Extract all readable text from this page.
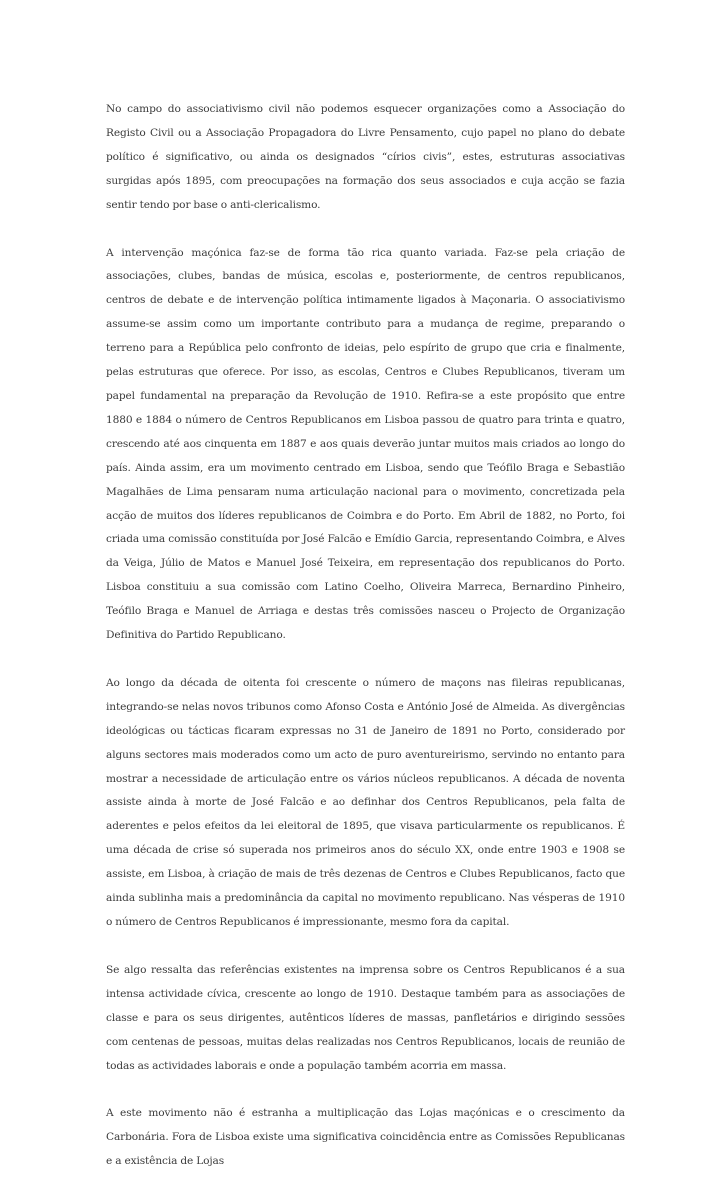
No campo do associativismo civil não podemos esquecer organizações como a Associação do Registo Civil ou a Associação Propagadora do Livre Pensamento, cujo papel no plano do debate político é significativo, ou ainda os designados “círios civis”, estes, estruturas associativas surgidas após 1895, com preocupações na formação dos seus associados e cuja acção se fazia sentir tendo por base o anti-clericalismo.

A intervenção maçónica faz-se de forma tão rica quanto variada. Faz-se pela criação de associações, clubes, bandas de música, escolas e, posteriormente, de centros republicanos, centros de debate e de intervenção política intimamente ligados à Maçonaria. O associativismo assume-se assim como um importante contributo para a mudança de regime, preparando o terreno para a República pelo confronto de ideias, pelo espírito de grupo que cria e finalmente, pelas estruturas que oferece. Por isso, as escolas, Centros e Clubes Republicanos, tiveram um papel fundamental na preparação da Revolução de 1910. Refira-se a este propósito que entre 1880 e 1884 o número de Centros Republicanos em Lisboa passou de quatro para trinta e quatro, crescendo até aos cinquenta em 1887 e aos quais deverão juntar muitos mais criados ao longo do país. Ainda assim, era um movimento centrado em Lisboa, sendo que Teófilo Braga e Sebastião Magalhães de Lima pensaram numa articulação nacional para o movimento, concretizada pela acção de muitos dos líderes republicanos de Coimbra e do Porto. Em Abril de 1882, no Porto, foi criada uma comissão constituída por José Falcão e Emídio Garcia, representando Coimbra, e Alves da Veiga, Júlio de Matos e Manuel José Teixeira, em representação dos republicanos do Porto. Lisboa constituiu a sua comissão com Latino Coelho, Oliveira Marreca, Bernardino Pinheiro, Teófilo Braga e Manuel de Arriaga e destas três comissões nasceu o Projecto de Organização Definitiva do Partido Republicano.

Ao longo da década de oitenta foi crescente o número de maçons nas fileiras republicanas, integrando-se nelas novos tribunos como Afonso Costa e António José de Almeida. As divergências ideológicas ou tácticas ficaram expressas no 31 de Janeiro de 1891 no Porto, considerado por alguns sectores mais moderados como um acto de puro aventureirismo, servindo no entanto para mostrar a necessidade de articulação entre os vários núcleos republicanos. A década de noventa assiste ainda à morte de José Falcão e ao definhar dos Centros Republicanos, pela falta de aderentes e pelos efeitos da lei eleitoral de 1895, que visava particularmente os republicanos. É uma década de crise só superada nos primeiros anos do século XX, onde entre 1903 e 1908 se assiste, em Lisboa, à criação de mais de três dezenas de Centros e Clubes Republicanos, facto que ainda sublinha mais a predominância da capital no movimento republicano. Nas vésperas de 1910 o número de Centros Republicanos é impressionante, mesmo fora da capital.

Se algo ressalta das referências existentes na imprensa sobre os Centros Republicanos é a sua intensa actividade cívica, crescente ao longo de 1910. Destaque também para as associações de classe e para os seus dirigentes, autênticos líderes de massas, panfletários e dirigindo sessões com centenas de pessoas, muitas delas realizadas nos Centros Republicanos, locais de reunião de todas as actividades laborais e onde a população também acorria em massa.

A este movimento não é estranha a multiplicação das Lojas maçónicas e o crescimento da Carbonária. Fora de Lisboa existe uma significativa coincidência entre as Comissões Republicanas e a existência de Lojas
